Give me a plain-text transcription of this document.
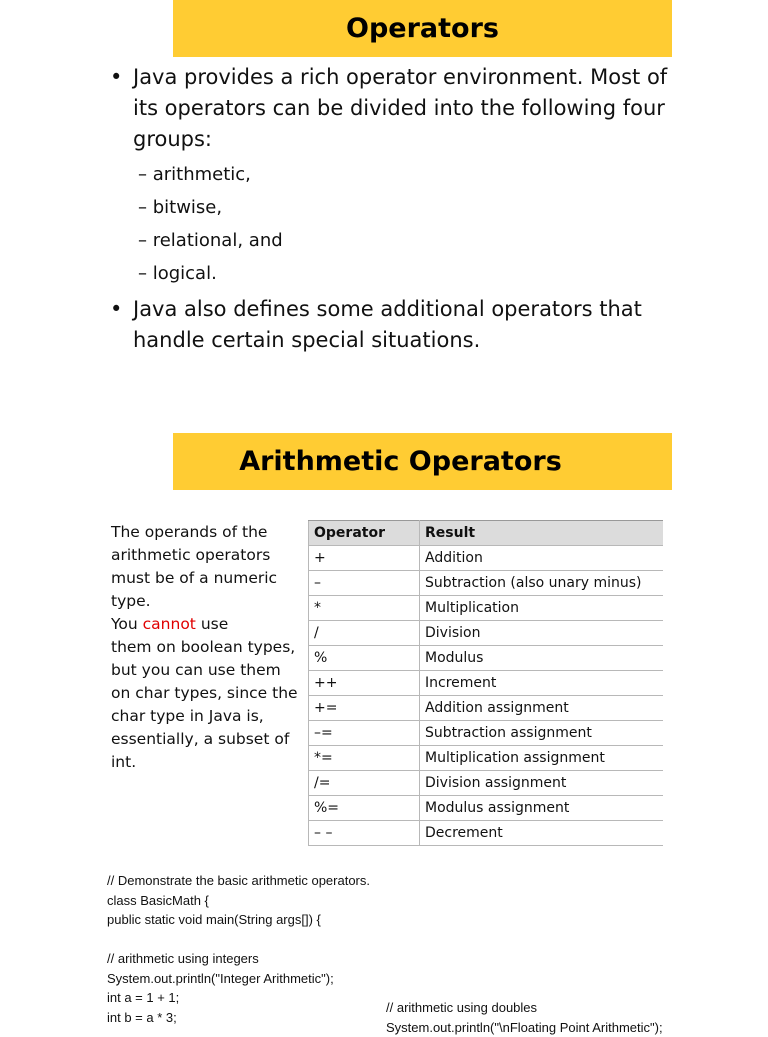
Operators
• Java provides a rich operator environment. Most of its operators can be divided into the following four groups:
– arithmetic,
– bitwise,
– relational, and
– logical.
• Java also defines some additional operators that handle certain special situations.
Arithmetic Operators
The operands of the arithmetic operators must be of a numeric type.
You cannot use
them on boolean types, but you can use them on char types, since the char type in Java is, essentially, a subset of int.
Operator	Result
+	Addition
–	Subtraction (also unary minus)
*	Multiplication
/	Division
%	Modulus
++	Increment
+=	Addition assignment
–=	Subtraction assignment
*=	Multiplication assignment
/=	Division assignment
%=	Modulus assignment
– –	Decrement
// Demonstrate the basic arithmetic operators.
class BasicMath {
public static void main(String args[]) {
// arithmetic using integers
System.out.println("Integer Arithmetic");
int a = 1 + 1;
int b = a * 3;
// arithmetic using doubles
System.out.println("\nFloating Point Arithmetic");
